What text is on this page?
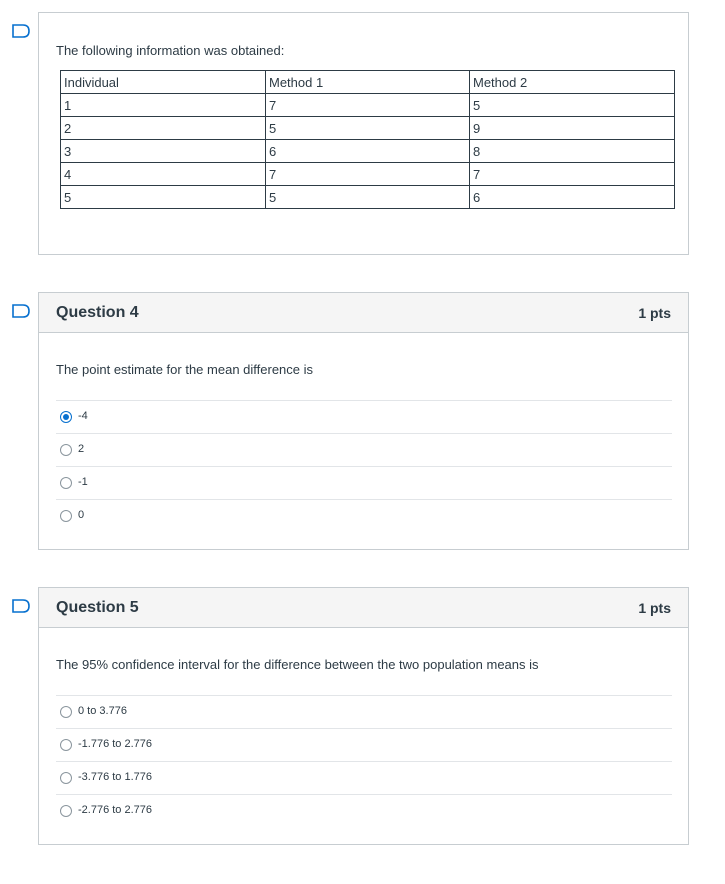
The following information was obtained:
Individual	Method 1	Method 2
1	7	5
2	5	9
3	6	8
4	7	7
5	5	6
Question 4	1 pts
The point estimate for the mean difference is
-4
2
-1
0
Question 5	1 pts
The 95% confidence interval for the difference between the two population means is
0 to 3.776
-1.776 to 2.776
-3.776 to 1.776
-2.776 to 2.776
